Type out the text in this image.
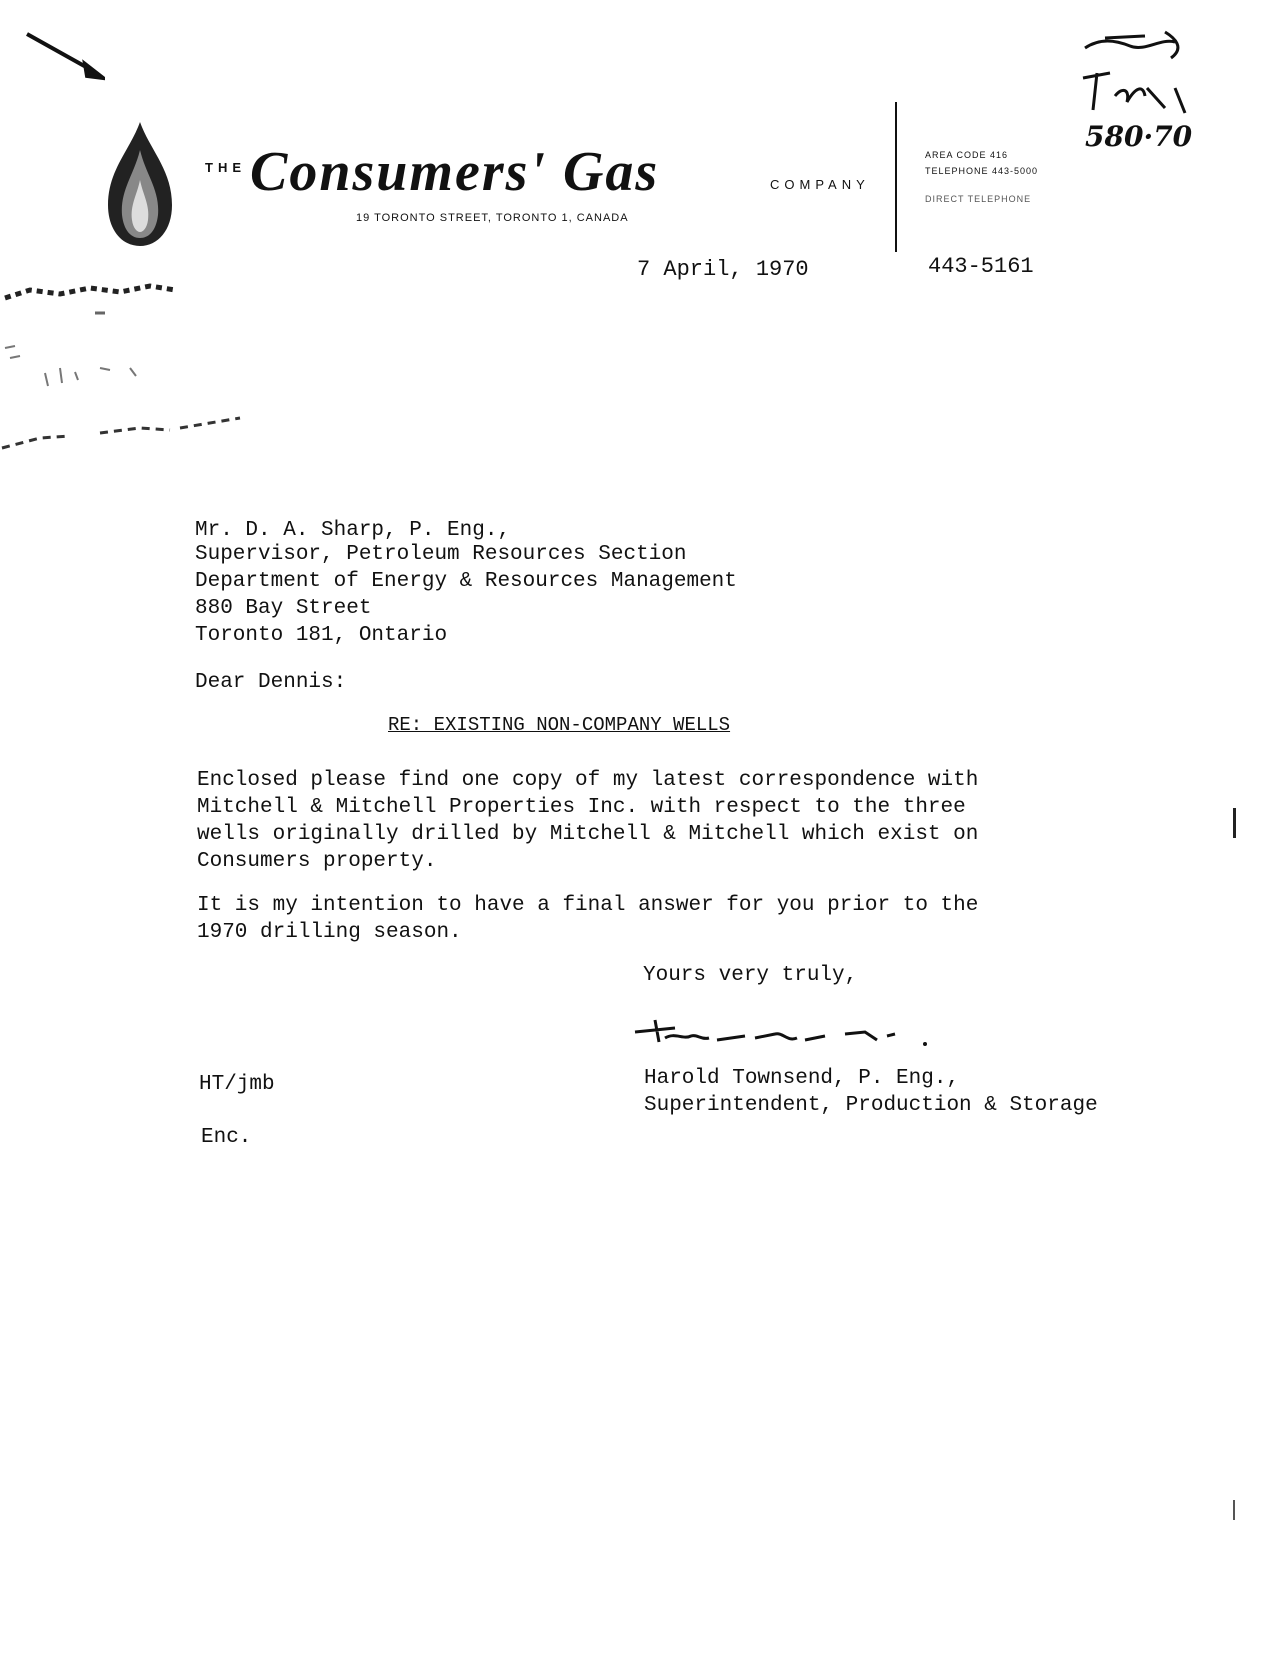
THE Consumers' Gas	COMPANY
19 TORONTO STREET, TORONTO 1, CANADA
AREA CODE 416
TELEPHONE 443-5000
DIRECT TELEPHONE
580·70
7 April, 1970	443-5161
Mr. D. A. Sharp, P. Eng.,
Supervisor, Petroleum Resources Section
Department of Energy & Resources Management
880 Bay Street
Toronto 181, Ontario
Dear Dennis:
RE: EXISTING NON-COMPANY WELLS
Enclosed please find one copy of my latest correspondence with
Mitchell & Mitchell Properties Inc. with respect to the three
wells originally drilled by Mitchell & Mitchell which exist on
Consumers property.
It is my intention to have a final answer for you prior to the
1970 drilling season.
Yours very truly,
HT/jmb	Harold Townsend, P. Eng.,
Superintendent, Production & Storage
Enc.
